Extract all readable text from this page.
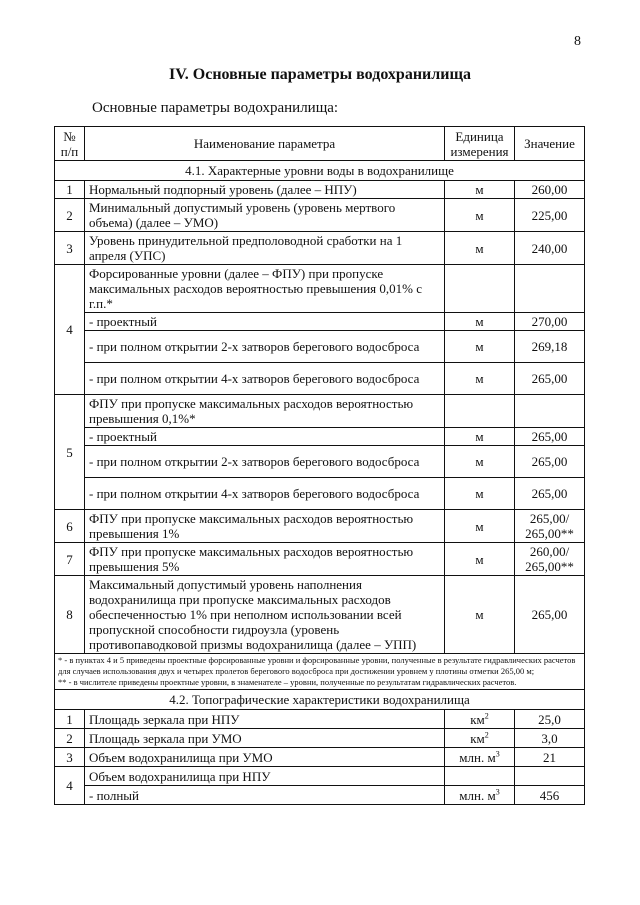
8
IV. Основные параметры водохранилища
Основные параметры водохранилища:
№ п/п	Наименование параметра	Единица измерения	Значение
4.1. Характерные уровни воды в водохранилище			
1	Нормальный подпорный уровень (далее – НПУ)	м	260,00
2	Минимальный допустимый уровень (уровень мертвого объема) (далее – УМО)	м	225,00
3	Уровень принудительной предполоводной сработки на 1 апреля (УПС)	м	240,00
4	Форсированные уровни (далее – ФПУ) при пропуске максимальных расходов вероятностью превышения 0,01% с г.п.*		
	- проектный	м	270,00
	- при полном открытии 2-х затворов берегового водосброса	м	269,18
	- при полном открытии 4-х затворов берегового водосброса	м	265,00
5	ФПУ при пропуске максимальных расходов вероятностью превышения 0,1%*		
	- проектный	м	265,00
	- при полном открытии 2-х затворов берегового водосброса	м	265,00
	- при полном открытии 4-х затворов берегового водосброса	м	265,00
6	ФПУ при пропуске максимальных расходов вероятностью превышения 1%	м	265,00/
265,00**
7	ФПУ при пропуске максимальных расходов вероятностью превышения 5%	м	260,00/
265,00**
8	Максимальный допустимый уровень наполнения водохранилища при пропуске максимальных расходов обеспеченностью 1% при неполном использовании всей пропускной способности гидроузла (уровень противопаводковой призмы водохранилища (далее – УПП)	м	265,00
* - в пунктах 4 и 5 приведены проектные форсированные уровни и форсированные уровни, полученные в результате гидравлических расчетов для случаев использования двух и четырех пролетов берегового водосброса при достижении уровнем у плотины отметки 265,00 м;
** - в числителе приведены проектные уровни, в знаменателе – уровни, полученные по результатам гидравлических расчетов.			
4.2. Топографические характеристики водохранилища			
1	Площадь зеркала при НПУ	$км^2$	25,0
2	Площадь зеркала при УМО	$км^2$	3,0
3	Объем водохранилища при УМО	млн. $м^3$	21
4	Объем водохранилища при НПУ		
	- полный	млн. $м^3$	456
